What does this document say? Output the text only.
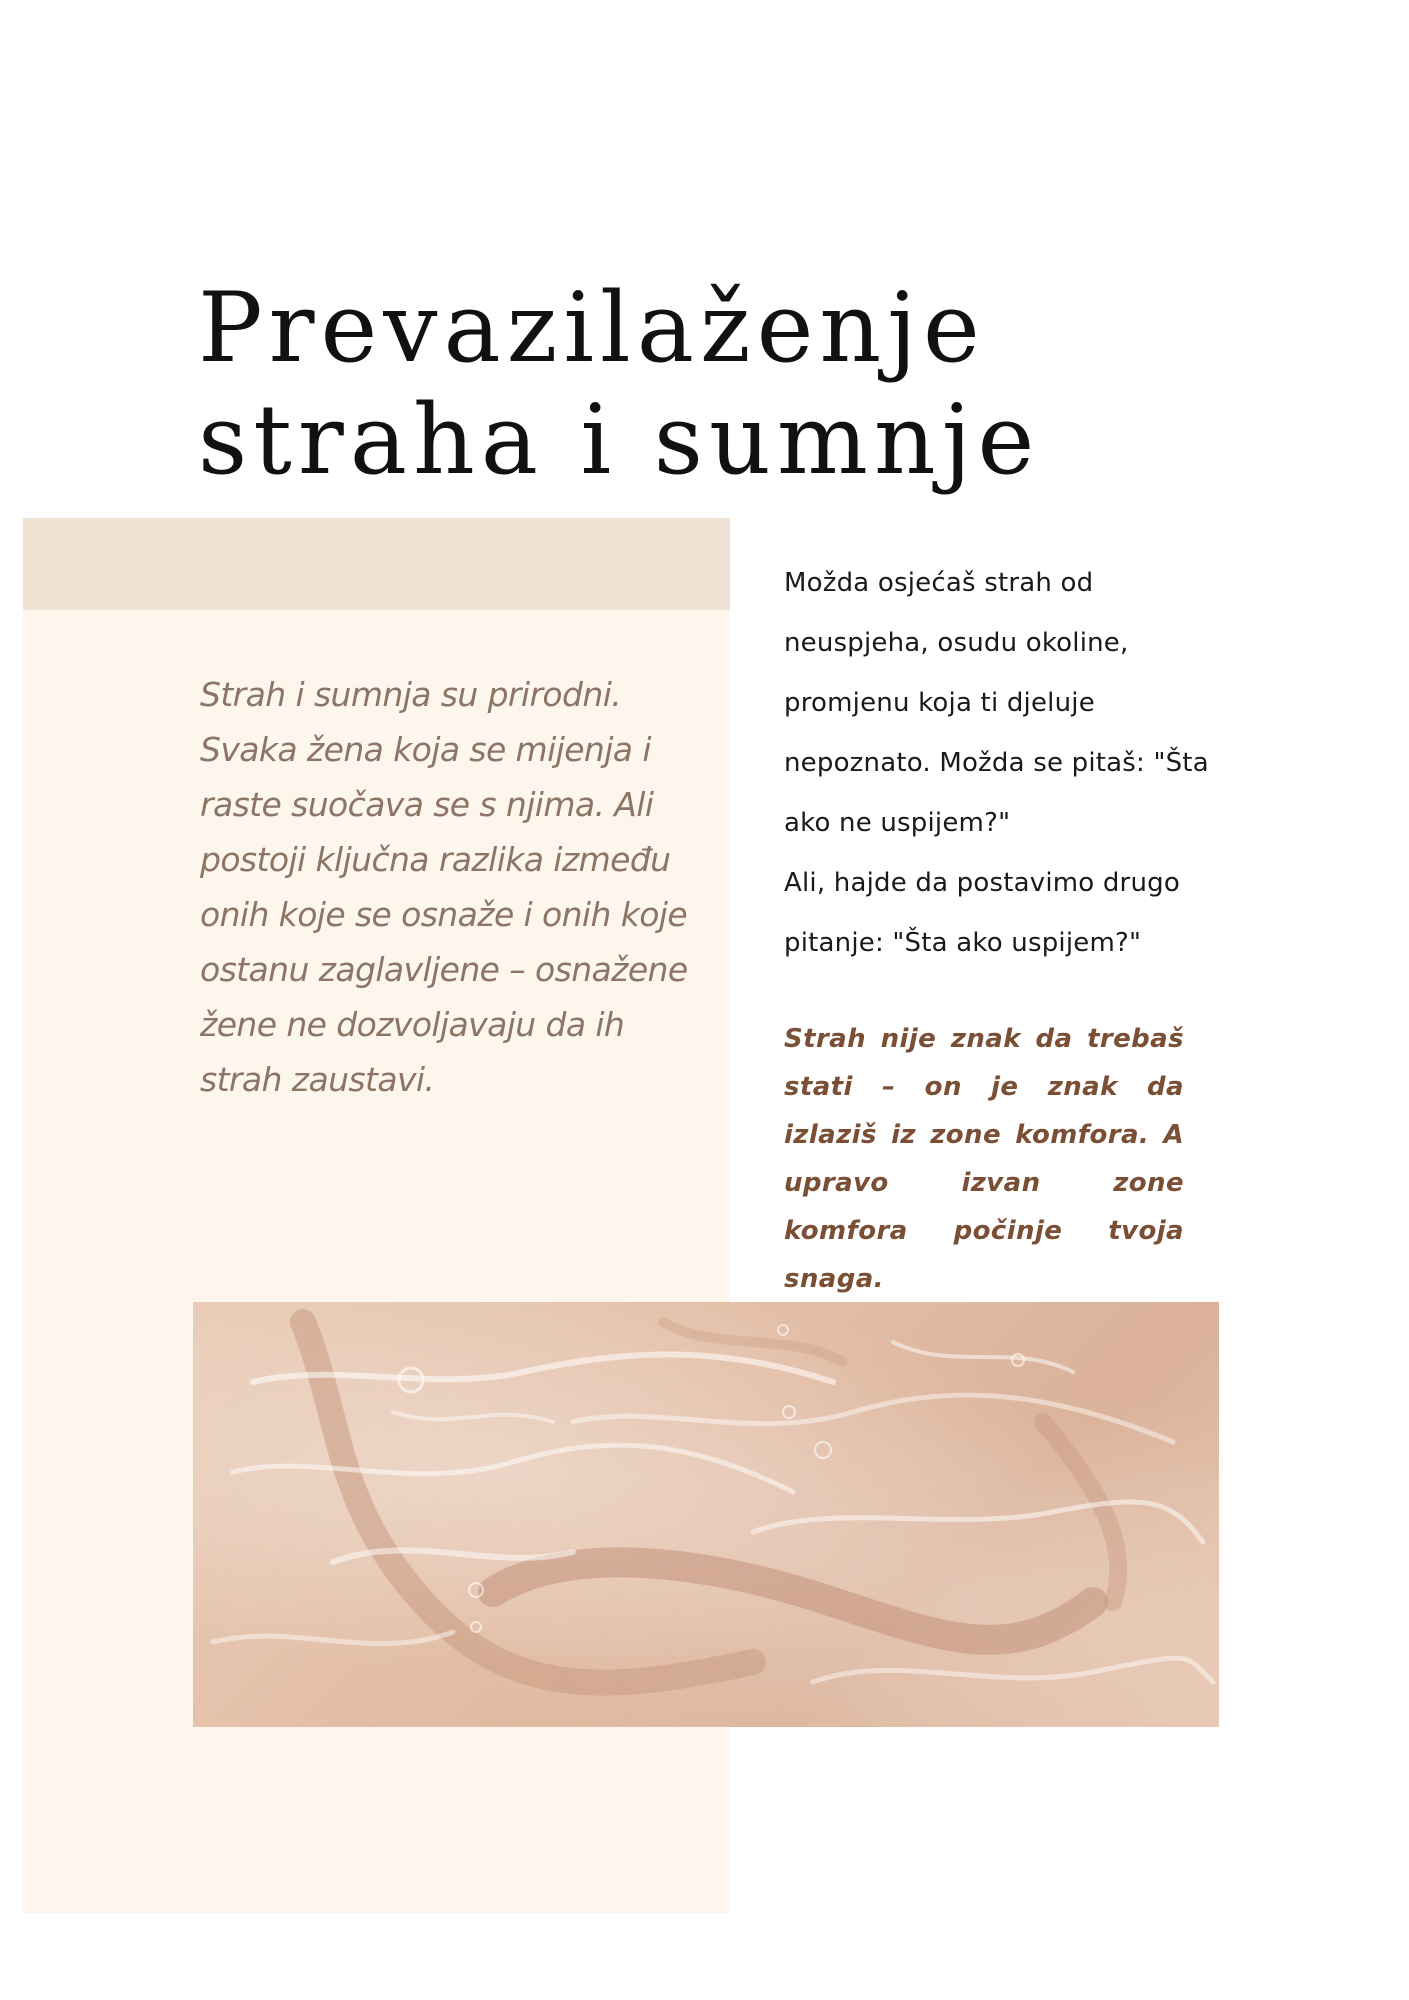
Prevazilaženje
straha i sumnje

Strah i sumnja su prirodni. Svaka žena koja se mijenja i raste suočava se s njima. Ali postoji ključna razlika između onih koje se osnaže i onih koje ostanu zaglavljene – osnažene žene ne dozvoljavaju da ih strah zaustavi.

Možda osjećaš strah od neuspjeha, osudu okoline, promjenu koja ti djeluje nepoznato. Možda se pitaš: "Šta ako ne uspijem?"

Ali, hajde da postavimo drugo pitanje: "Šta ako uspijem?"

Strah nije znak da trebaš stati – on je znak da izlaziš iz zone komfora. A upravo izvan zone komfora počinje tvoja snaga.
